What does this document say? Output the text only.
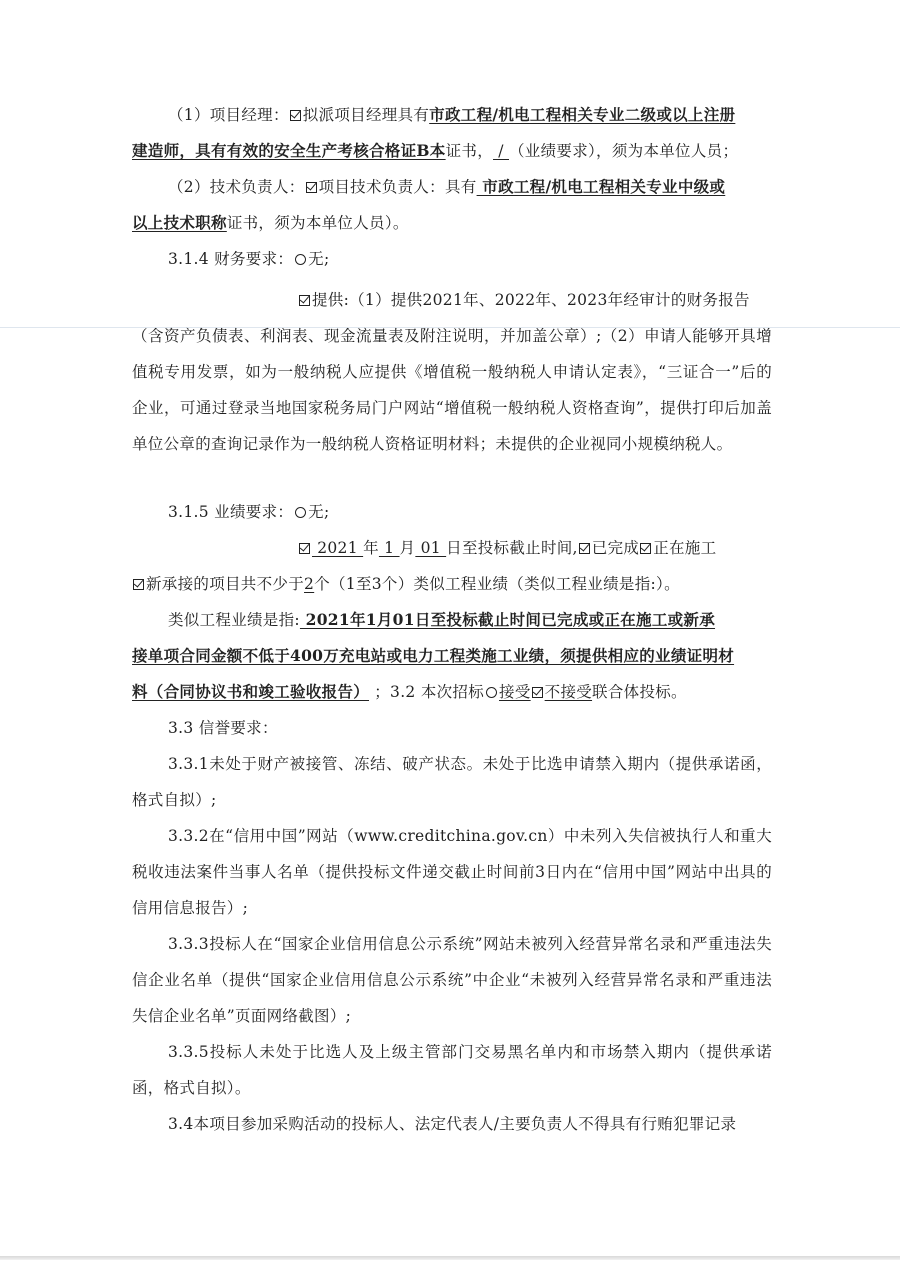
（1）项目经理： 拟派项目经理具有市政工程/机电工程相关专业二级或以上注册
建造师，具有有效的安全生产考核合格证B本证书， / （业绩要求），须为本单位人员；
（2）技术负责人： 项目技术负责人：具有 市政工程/机电工程相关专业中级或
以上技术职称证书，须为本单位人员）。
3.1.4 财务要求： 无;
提供:（1）提供2021年、2022年、2023年经审计的财务报告

（含资产负债表、利润表、现金流量表及附注说明，并加盖公章）;（2）申请人能够开具增值税专用发票，如为一般纳税人应提供《增值税一般纳税人申请认定表》，“三证合一”后的企业，可通过登录当地国家税务局门户网站“增值税一般纳税人资格查询”，提供打印后加盖单位公章的查询记录作为一般纳税人资格证明材料；未提供的企业视同小规模纳税人。

3.1.5 业绩要求： 无;
2021 年 1 月 01 日至投标截止时间, 已完成 正在施工
新承接的项目共不少于2个（1至3个）类似工程业绩（类似工程业绩是指:）。
类似工程业绩是指: 2021年1月01日至投标截止时间已完成或正在施工或新承
接单项合同金额不低于400万充电站或电力工程类施工业绩，须提供相应的业绩证明材
料（合同协议书和竣工验收报告） ；3.2 本次招标 接受 不接受联合体投标。
3.3 信誉要求：

3.3.1未处于财产被接管、冻结、破产状态。未处于比选申请禁入期内（提供承诺函，格式自拟）;

3.3.2在“信用中国”网站（www.creditchina.gov.cn）中未列入失信被执行人和重大税收违法案件当事人名单（提供投标文件递交截止时间前3日内在“信用中国”网站中出具的信用信息报告）;

3.3.3投标人在“国家企业信用信息公示系统”网站未被列入经营异常名录和严重违法失信企业名单（提供“国家企业信用信息公示系统”中企业“未被列入经营异常名录和严重违法失信企业名单”页面网络截图）;

3.3.5投标人未处于比选人及上级主管部门交易黑名单内和市场禁入期内（提供承诺函，格式自拟）。

3.4本项目参加采购活动的投标人、法定代表人/主要负责人不得具有行贿犯罪记录
